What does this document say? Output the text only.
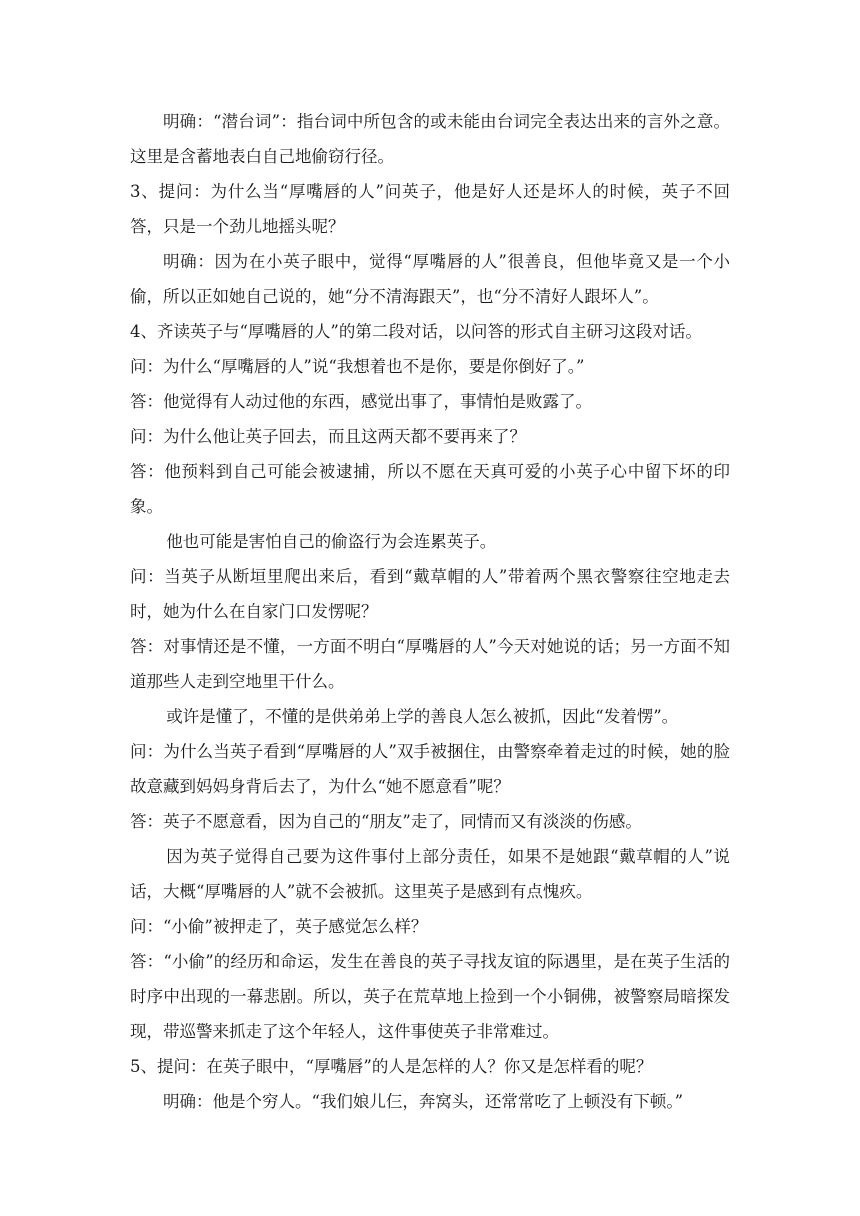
明确：“潜台词”：指台词中所包含的或未能由台词完全表达出来的言外之意。这里是含蓄地表白自己地偷窃行径。

3、提问：为什么当“厚嘴唇的人”问英子，他是好人还是坏人的时候，英子不回答，只是一个劲儿地摇头呢？

明确：因为在小英子眼中，觉得“厚嘴唇的人”很善良，但他毕竟又是一个小偷，所以正如她自己说的，她“分不清海跟天”，也“分不清好人跟坏人”。

4、齐读英子与“厚嘴唇的人”的第二段对话，以问答的形式自主研习这段对话。

问：为什么“厚嘴唇的人”说“我想着也不是你，要是你倒好了。”

答：他觉得有人动过他的东西，感觉出事了，事情怕是败露了。

问：为什么他让英子回去，而且这两天都不要再来了？

答：他预料到自己可能会被逮捕，所以不愿在天真可爱的小英子心中留下坏的印象。

他也可能是害怕自己的偷盗行为会连累英子。

问：当英子从断垣里爬出来后，看到“戴草帽的人”带着两个黑衣警察往空地走去时，她为什么在自家门口发愣呢？

答：对事情还是不懂，一方面不明白“厚嘴唇的人”今天对她说的话；另一方面不知道那些人走到空地里干什么。

或许是懂了，不懂的是供弟弟上学的善良人怎么被抓，因此“发着愣”。

问：为什么当英子看到“厚嘴唇的人”双手被捆住，由警察牵着走过的时候，她的脸故意藏到妈妈身背后去了，为什么“她不愿意看”呢？

答：英子不愿意看，因为自己的“朋友”走了，同情而又有淡淡的伤感。

因为英子觉得自己要为这件事付上部分责任，如果不是她跟“戴草帽的人”说话，大概“厚嘴唇的人”就不会被抓。这里英子是感到有点愧疚。

问：“小偷”被押走了，英子感觉怎么样？

答：“小偷”的经历和命运，发生在善良的英子寻找友谊的际遇里，是在英子生活的时序中出现的一幕悲剧。所以，英子在荒草地上捡到一个小铜佛，被警察局暗探发现，带巡警来抓走了这个年轻人，这件事使英子非常难过。

5、提问：在英子眼中，“厚嘴唇”的人是怎样的人？你又是怎样看的呢？

明确：他是个穷人。“我们娘儿仨，奔窝头，还常常吃了上顿没有下顿。”
